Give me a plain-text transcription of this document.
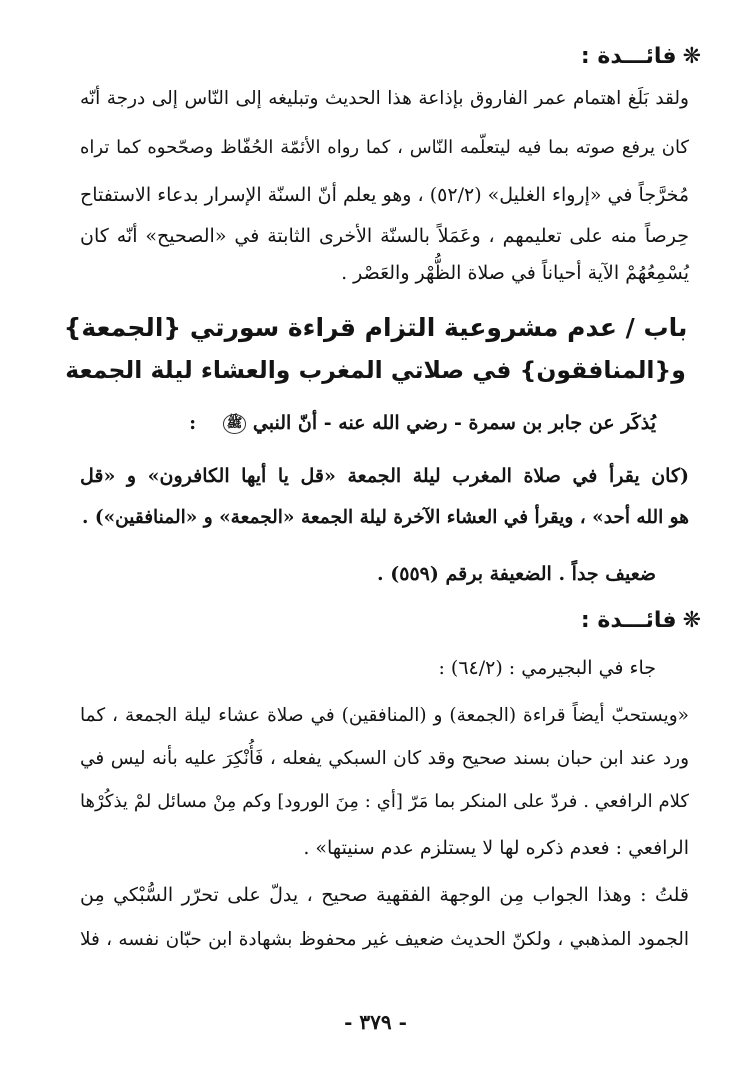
❋فائـــدة :
ولقد بَلَغ اهتمام عمر الفاروق بإذاعة هذا الحديث وتبليغه إلى النّاس إلى درجة أنّه
كان يرفع صوته بما فيه ليتعلّمه النّاس ، كما رواه الأئمّة الحُفّاظ وصحّحوه كما تراه
مُخرَّجاً في «إرواء الغليل» (٥٢/٢) ، وهو يعلم أنّ السنّة الإسرار بدعاء الاستفتاح
حِرصاً منه على تعليمهم ، وعَمَلاً بالسنّة الأخرى الثابتة في «الصحيح» أنّه كان
يُسْمِعُهُمْ الآية أحياناً في صلاة الظُّهْر والعَصْر .
باب / عدم مشروعية التزام قراءة سورتي {الجمعة}
و{المنافقون} في صلاتي المغرب والعشاء ليلة الجمعة
يُذكَر عن جابر بن سمرة - رضي الله عنه - أنّ النبي ﷺ    :
(كان يقرأ في صلاة المغرب ليلة الجمعة «قل يا أيها الكافرون» و «قل
هو الله أحد» ، ويقرأ في العشاء الآخرة ليلة الجمعة «الجمعة» و «المنافقين») .
ضعيف جداً . الضعيفة برقم (٥٥٩) .
❋فائـــدة :
جاء في البجيرمي : (٦٤/٢) :
«ويستحبّ أيضاً قراءة (الجمعة) و (المنافقين) في صلاة عشاء ليلة الجمعة ، كما
ورد عند ابن حبان بسند صحيح وقد كان السبكي يفعله ، فَأُنْكِرَ عليه بأنه ليس في
كلام الرافعي . فردّ على المنكر بما مَرّ [أي : مِنَ الورود] وكم مِنْ مسائل لمْ يذكُرْها
الرافعي : فعدم ذكره لها لا يستلزم عدم سنيتها» .
قلتُ : وهذا الجواب مِن الوجهة الفقهية صحيح ، يدلّ على تحرّر السُّبْكي مِن
الجمود المذهبي ، ولكنّ الحديث ضعيف غير محفوظ بشهادة ابن حبّان نفسه ، فلا
- ٣٧٩ -
